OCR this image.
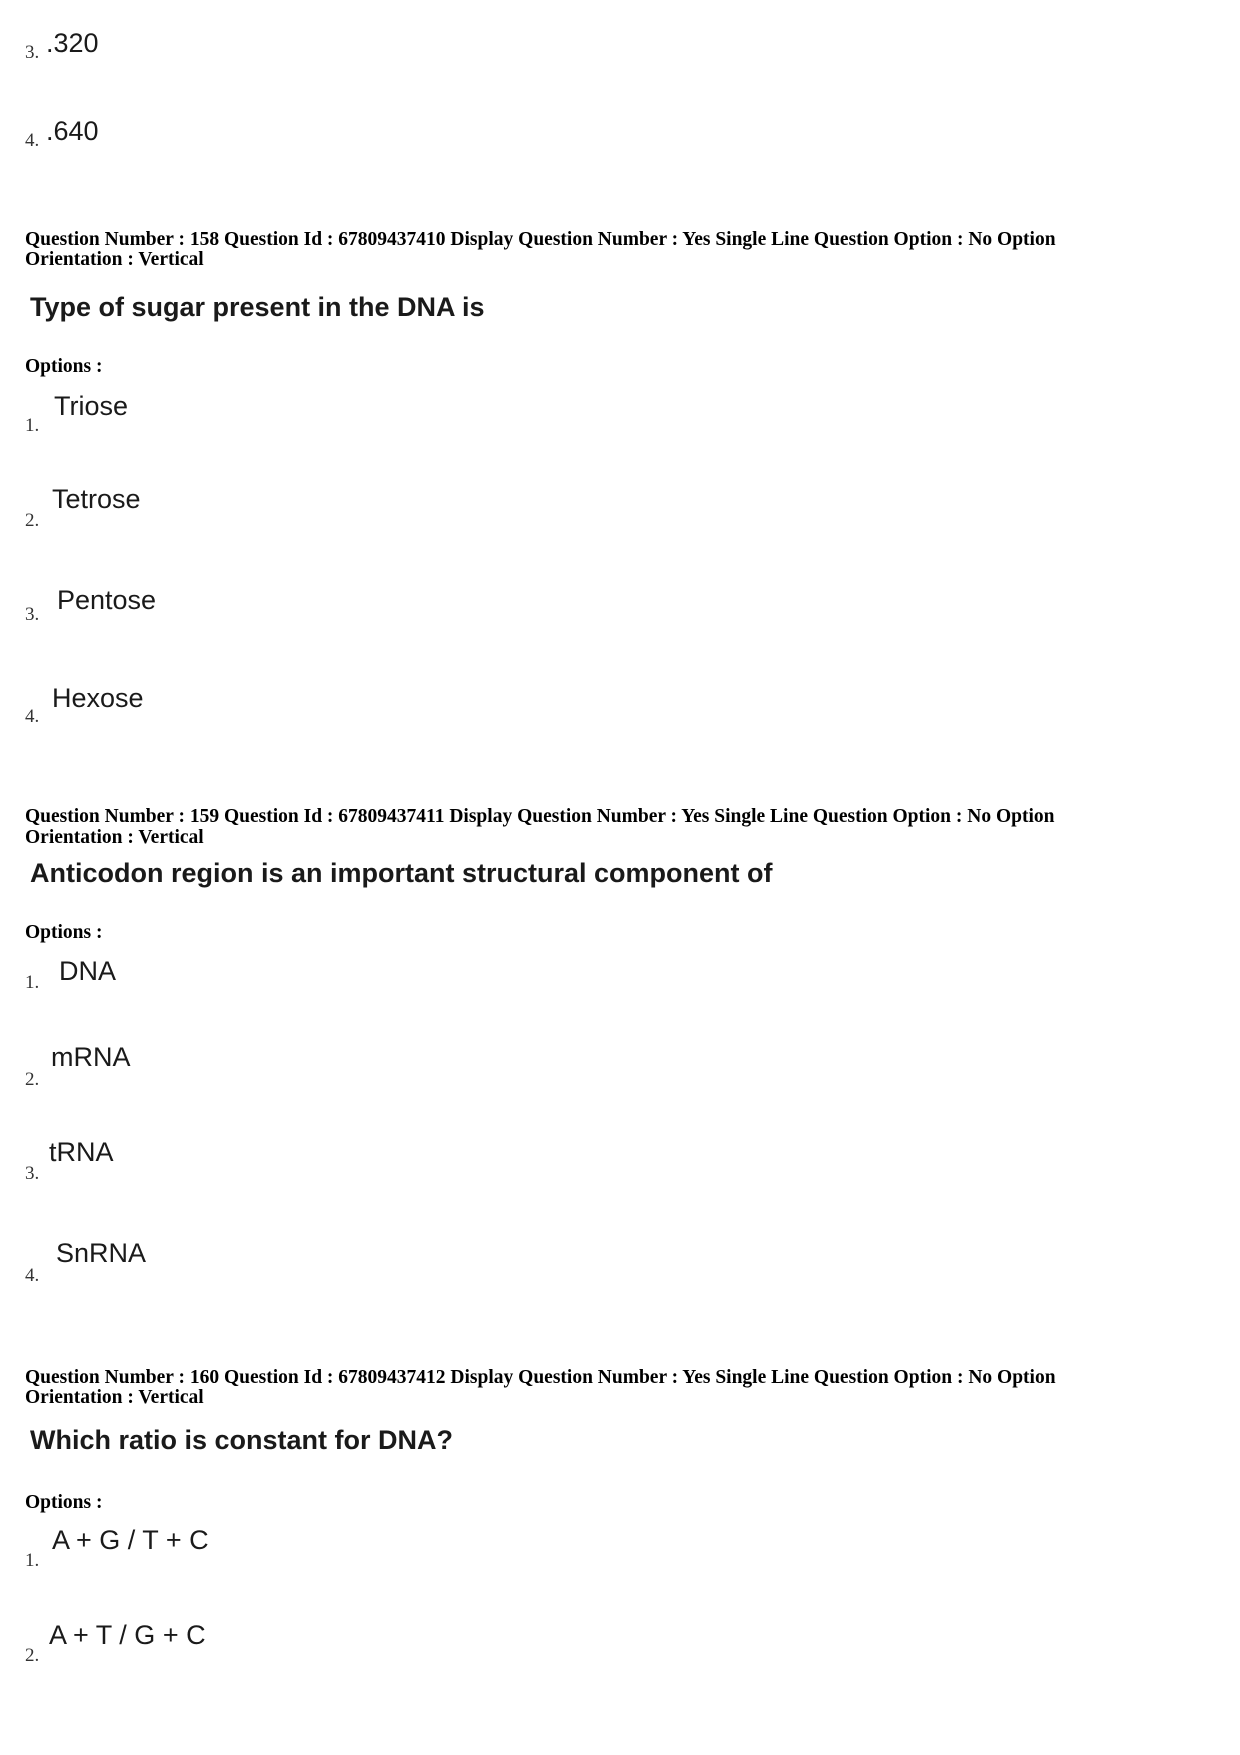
3. .320
4. .640
Question Number : 158 Question Id : 67809437410 Display Question Number : Yes Single Line Question Option : No Option
Orientation : Vertical
Type of sugar present in the DNA is
Options :
1.
Triose
2.
Tetrose
3. Pentose
4.
Hexose
Question Number : 159 Question Id : 67809437411 Display Question Number : Yes Single Line Question Option : No Option
Orientation : Vertical
Anticodon region is an important structural component of
Options :
1. DNA
2.
mRNA
3.
tRNA
4.
SnRNA
Question Number : 160 Question Id : 67809437412 Display Question Number : Yes Single Line Question Option : No Option
Orientation : Vertical
Which ratio is constant for DNA?
Options :
1.
A + G / T + C
2.
A + T / G + C
